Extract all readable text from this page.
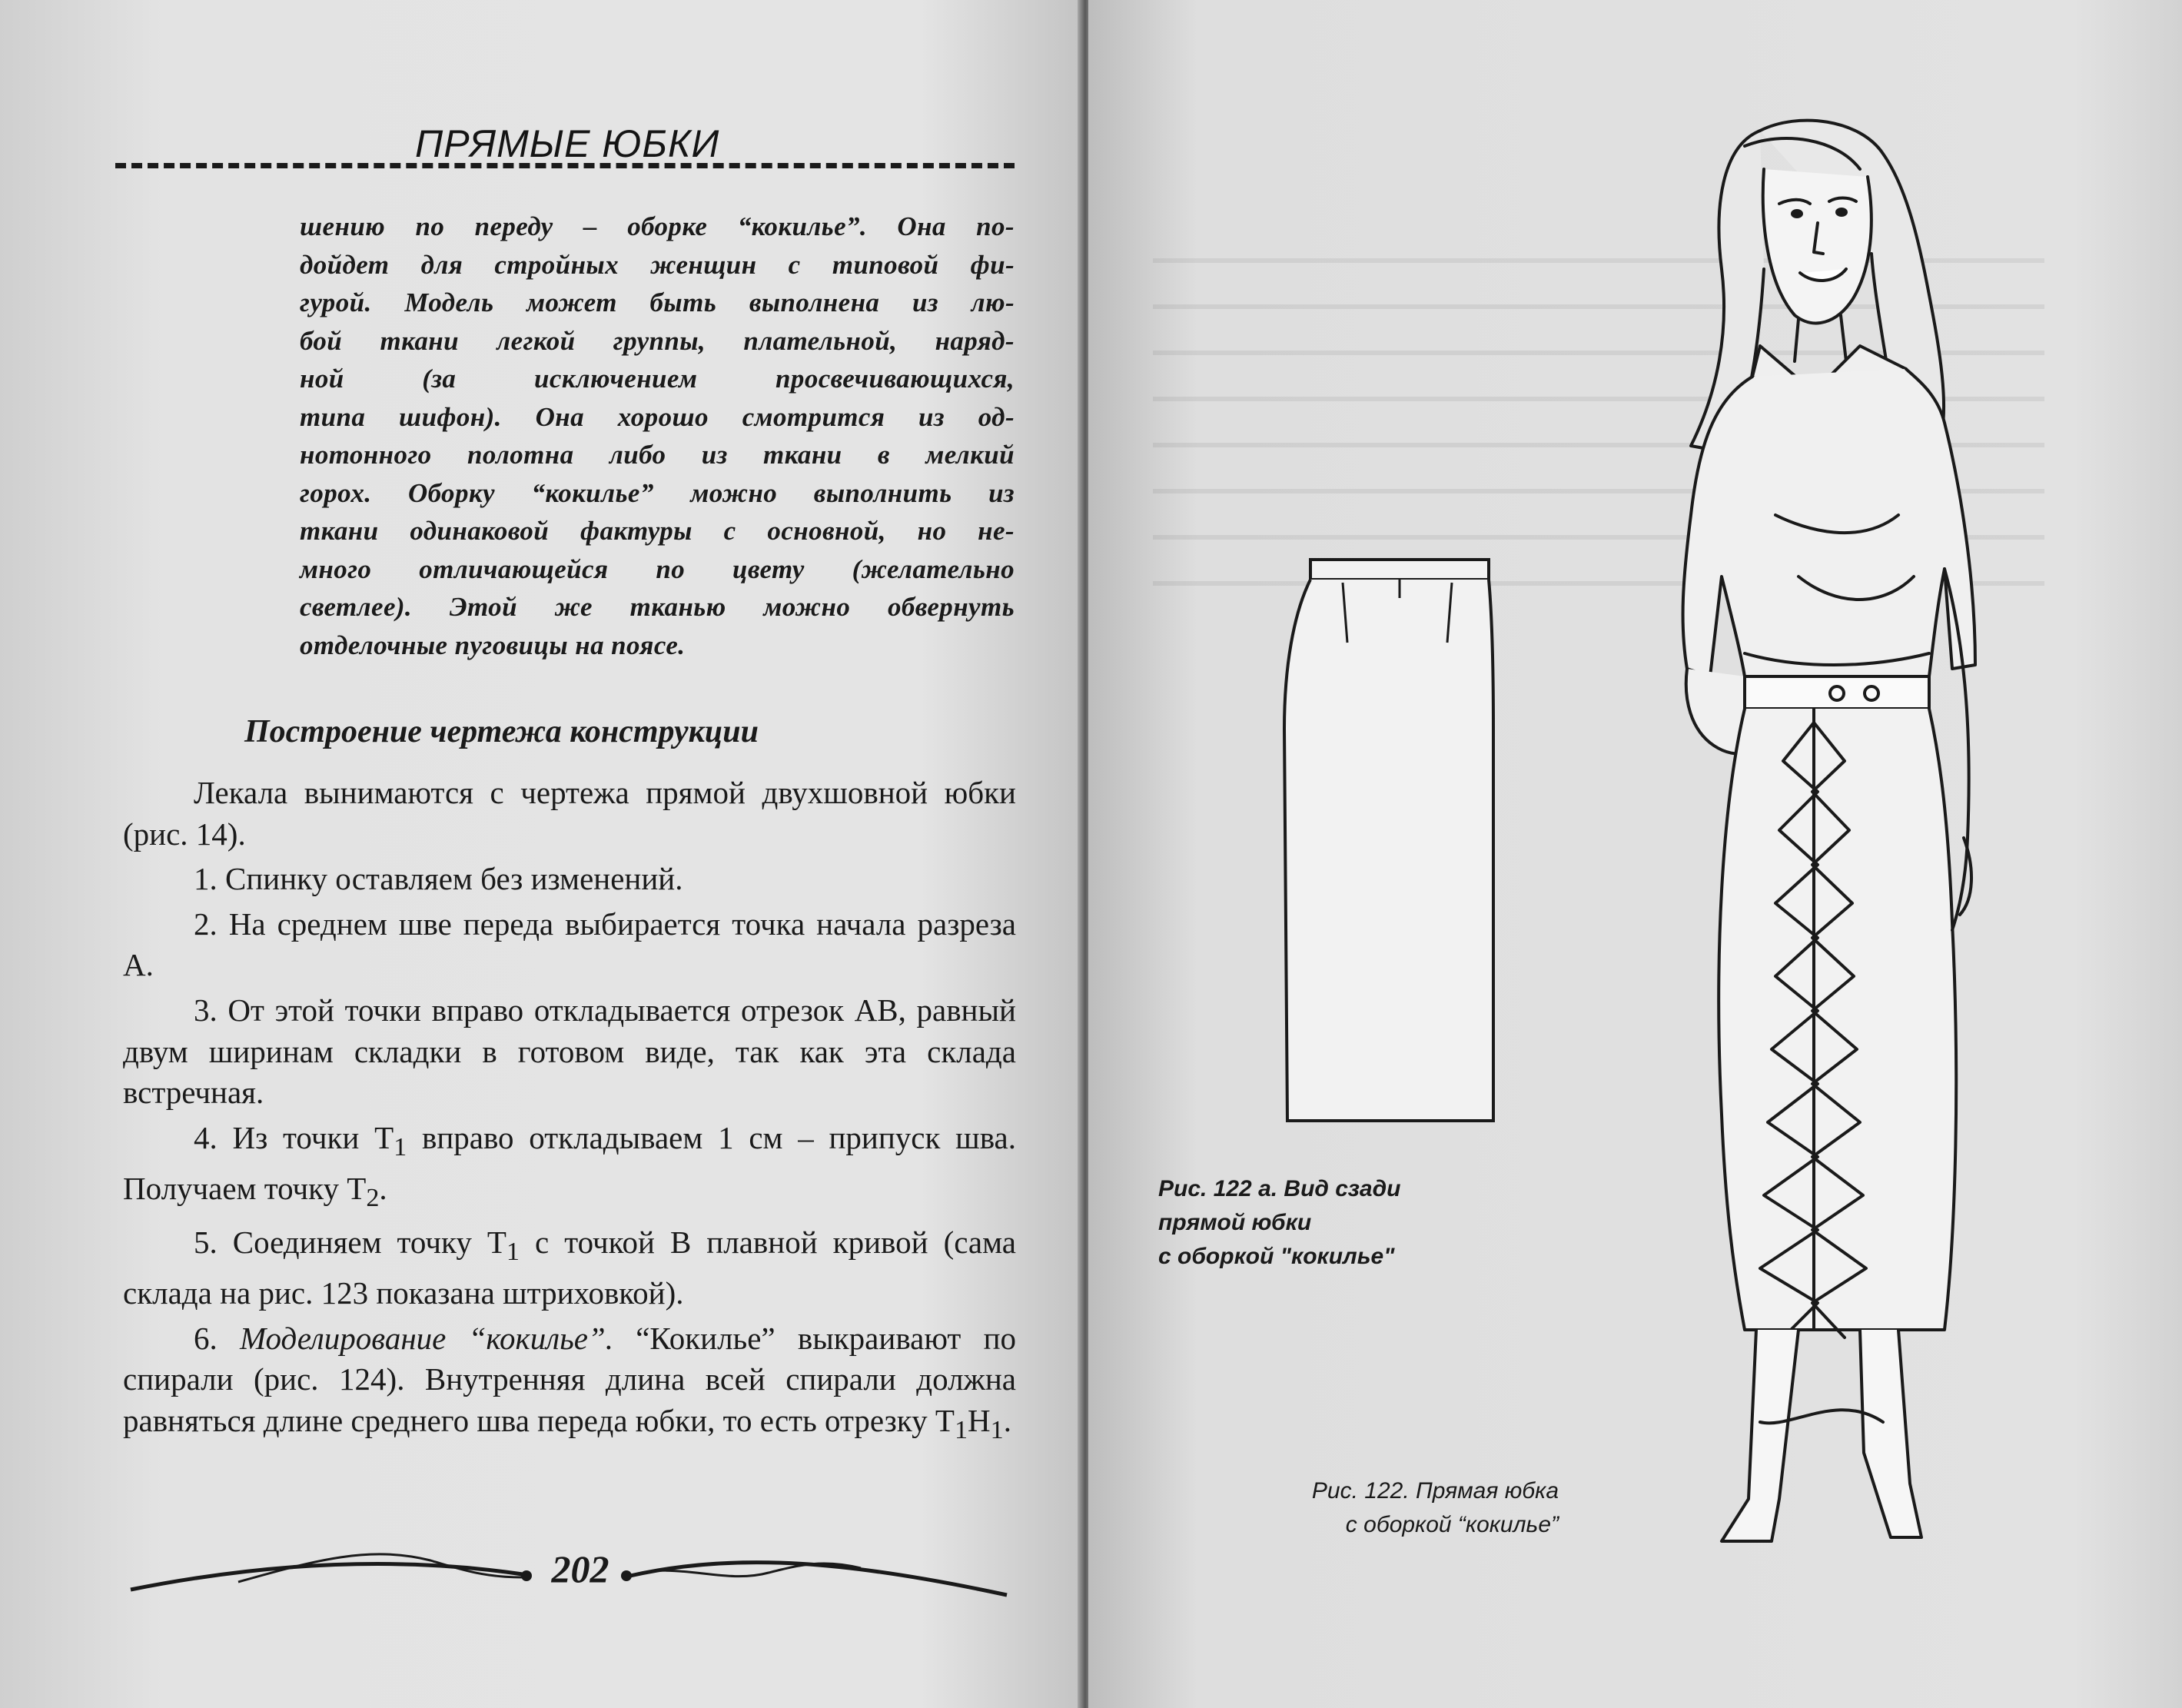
ПРЯМЫЕ ЮБКИ
шению по переду – оборке “кокилье”. Она по-
дойдет для стройных женщин с типовой фи-
гурой. Модель может быть выполнена из лю-
бой ткани легкой группы, плательной, наряд-
ной (за исключением просвечивающихся,
типа шифон). Она хорошо смотрится из од-
нотонного полотна либо из ткани в мелкий
горох. Оборку “кокилье” можно выполнить из
ткани одинаковой фактуры с основной, но не-
много отличающейся по цвету (желательно
светлее). Этой же тканью можно обвернуть
отделочные пуговицы на поясе.
Построение чертежа конструкции

Лекала вынимаются с чертежа прямой двухшовной юбки (рис. 14).

1. Спинку оставляем без изменений.

2. На среднем шве переда выбирается точка начала разреза А.

3. От этой точки вправо откладывается отрезок АВ, равный двум ширинам складки в готовом виде, так как эта склада встречная.

4. Из точки $Т_1$ вправо откладываем 1 см – припуск шва. Получаем точку $Т_2$.

5. Соединяем точку $Т_1$ с точкой В плавной кривой (сама склада на рис. 123 показана штриховкой).

6. Моделирование “кокилье”. “Кокилье” выкраивают по спирали (рис. 124). Внутренняя длина всей спирали должна равняться длине среднего шва переда юбки, то есть отрезку $Т_1Н_1$.

202
Рис. 122 а. Вид сзади
прямой юбки
с оборкой "кокилье"
Рис. 122. Прямая юбка
с оборкой “кокилье”
